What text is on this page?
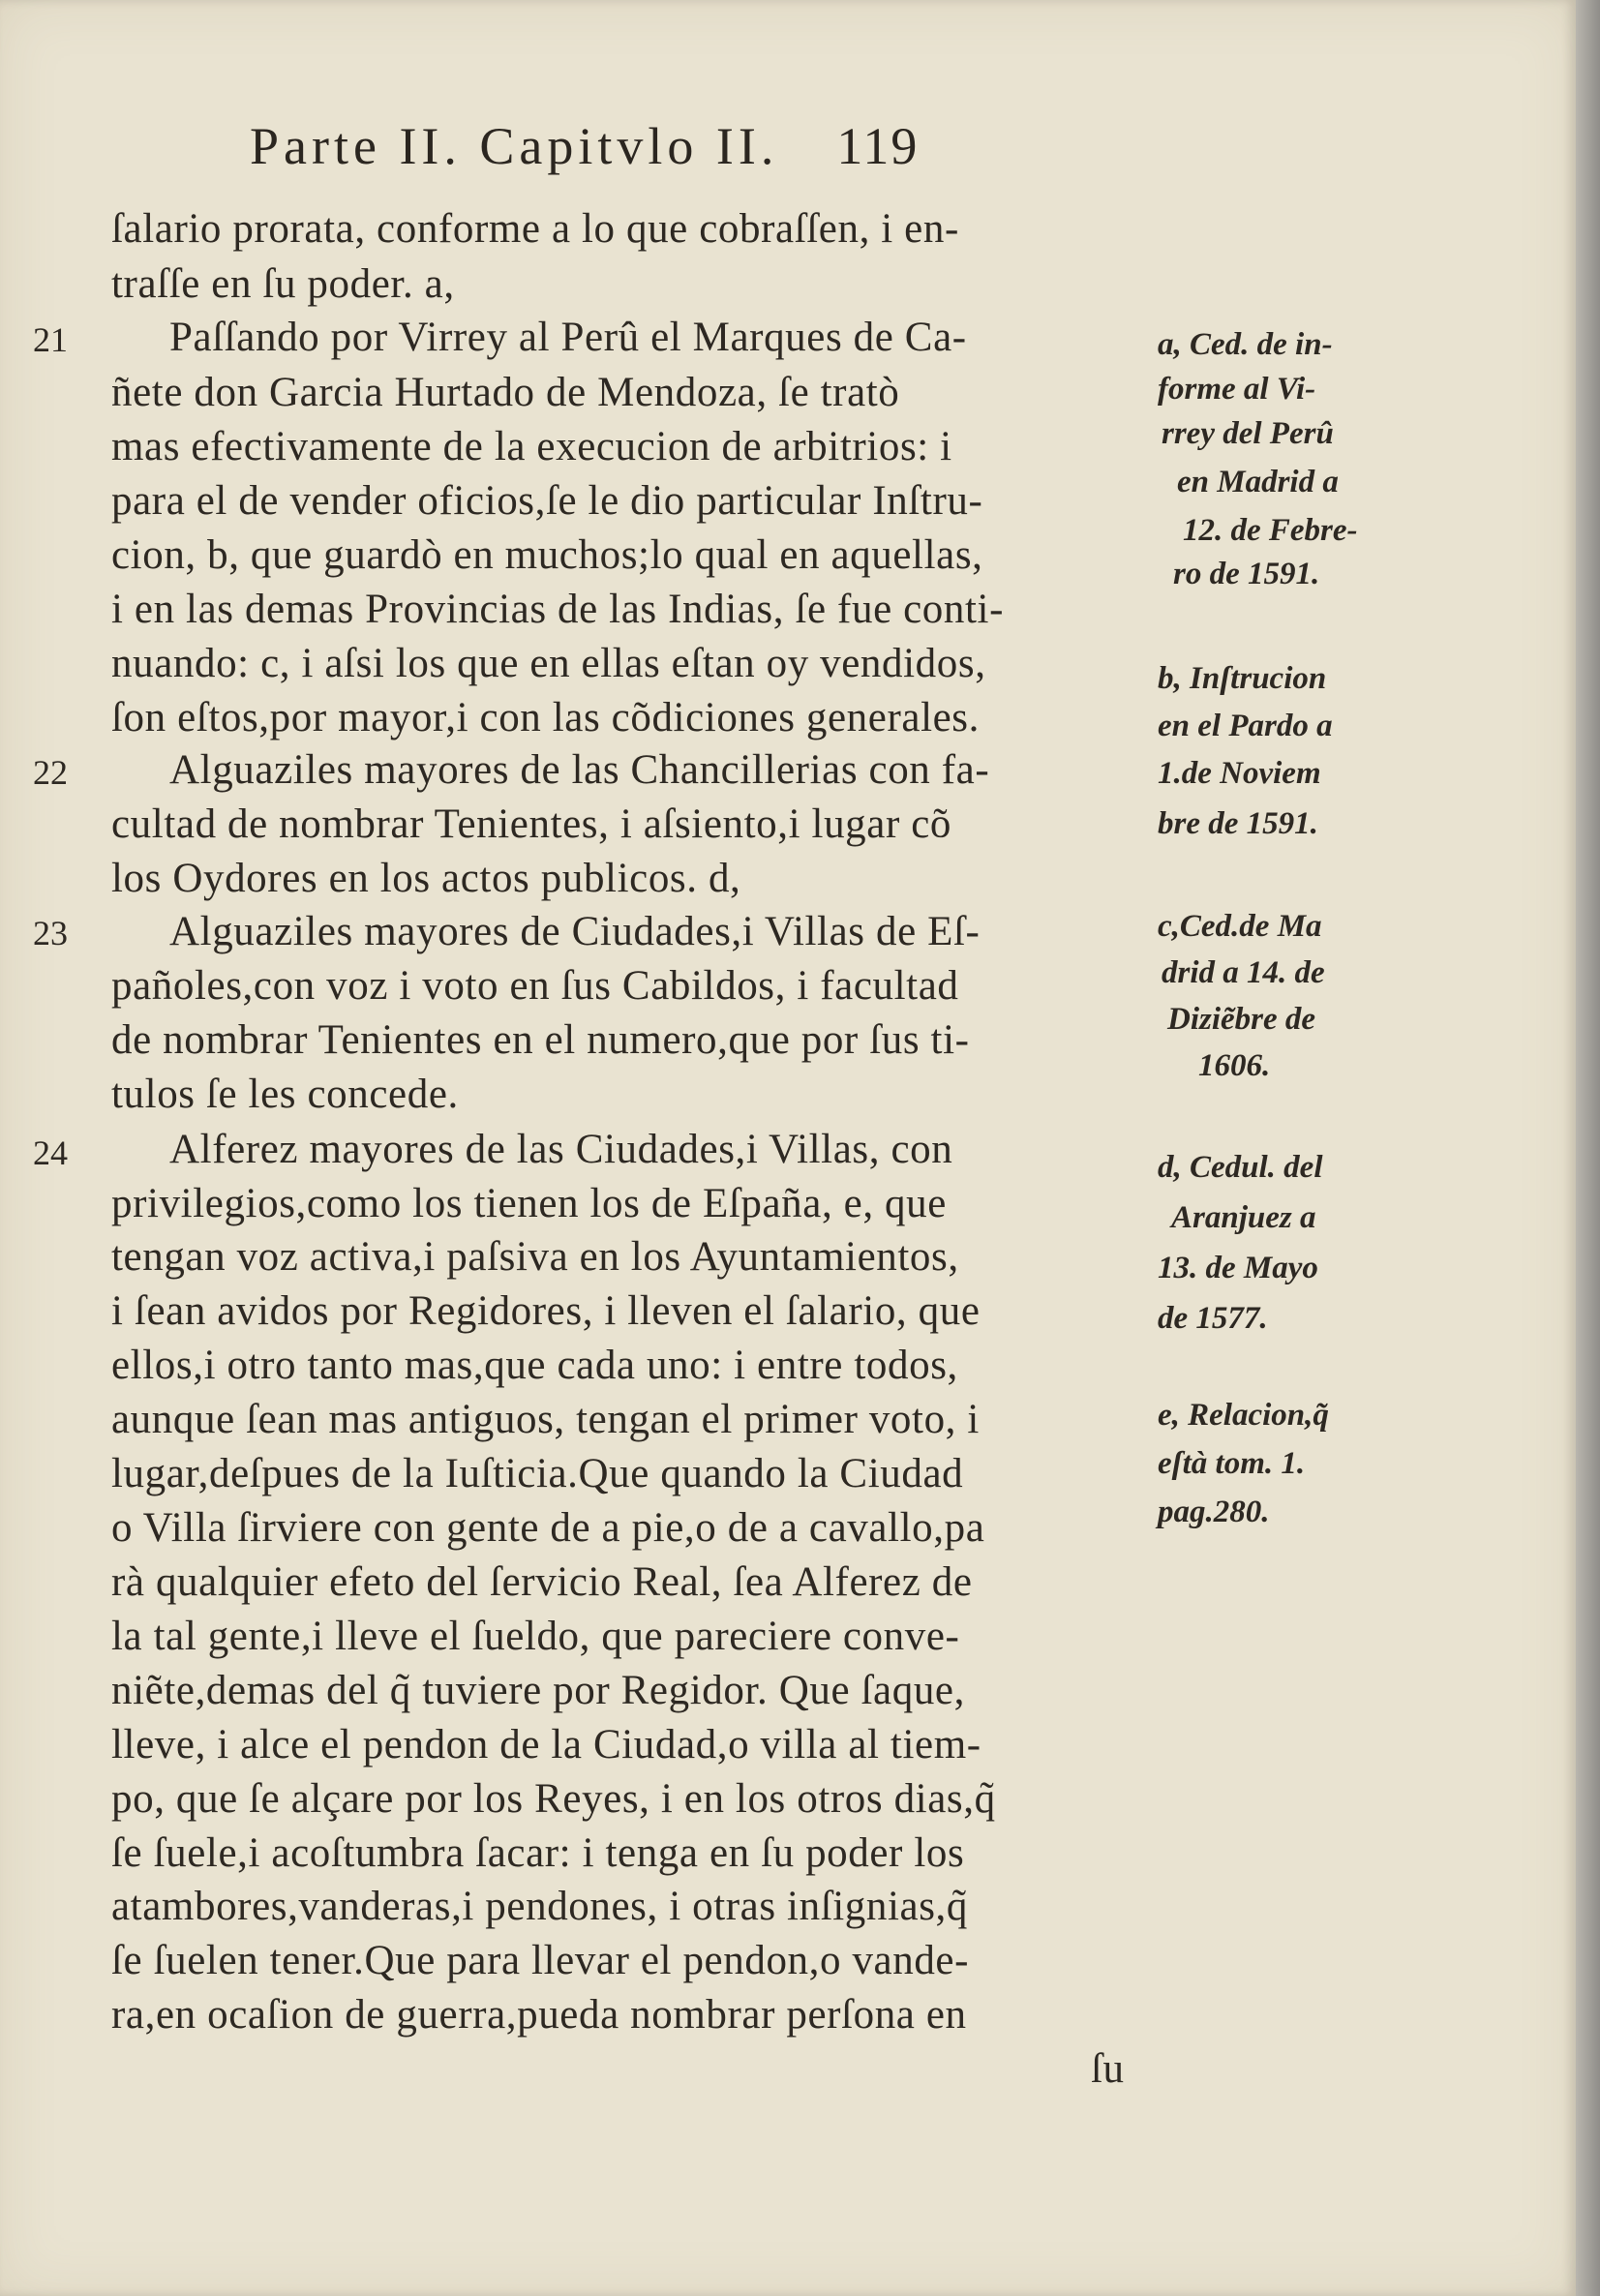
Parte II. Capitvlo II. 119
21
22
23
24
ſalario prorata, conforme a lo que cobraſſen, i en-
traſſe en ſu poder. a,
Paſſando por Virrey al Perû el Marques de Ca-
ñete don Garcia Hurtado de Mendoza, ſe tratò
mas efectivamente de la execucion de arbitrios: i
para el de vender oficios,ſe le dio particular Inſtru-
cion, b, que guardò en muchos;lo qual en aquellas,
i en las demas Provincias de las Indias, ſe fue conti-
nuando: c, i aſsi los que en ellas eſtan oy vendidos,
ſon eſtos,por mayor,i con las cõdiciones generales.
Alguaziles mayores de las Chancillerias con fa-
cultad de nombrar Tenientes, i aſsiento,i lugar cõ
los Oydores en los actos publicos. d,
Alguaziles mayores de Ciudades,i Villas de Eſ-
pañoles,con voz i voto en ſus Cabildos, i facultad
de nombrar Tenientes en el numero,que por ſus ti-
tulos ſe les concede.
Alferez mayores de las Ciudades,i Villas, con
privilegios,como los tienen los de Eſpaña, e, que
tengan voz activa,i paſsiva en los Ayuntamientos,
i ſean avidos por Regidores, i lleven el ſalario, que
ellos,i otro tanto mas,que cada uno: i entre todos,
aunque ſean mas antiguos, tengan el primer voto, i
lugar,deſpues de la Iuſticia.Que quando la Ciudad
o Villa ſirviere con gente de a pie,o de a cavallo,pa
rà qualquier efeto del ſervicio Real, ſea Alferez de
la tal gente,i lleve el ſueldo, que pareciere conve-
niẽte,demas del q̃ tuviere por Regidor. Que ſaque,
lleve, i alce el pendon de la Ciudad,o villa al tiem-
po, que ſe alçare por los Reyes, i en los otros dias,q̃
ſe ſuele,i acoſtumbra ſacar: i tenga en ſu poder los
atambores,vanderas,i pendones, i otras inſignias,q̃
ſe ſuelen tener.Que para llevar el pendon,o vande-
ra,en ocaſion de guerra,pueda nombrar perſona en
ſu
a, Ced. de in-
forme al Vi-
rrey del Perû
en Madrid a
12. de Febre-
ro de 1591.
b, Inſtrucion
en el Pardo a
1.de Noviem
bre de 1591.
c,Ced.de Ma
drid a 14. de
Diziẽbre de
1606.
d, Cedul. del
Aranjuez a
13. de Mayo
de 1577.
e, Relacion,q̃
eſtà tom. 1.
pag.280.
